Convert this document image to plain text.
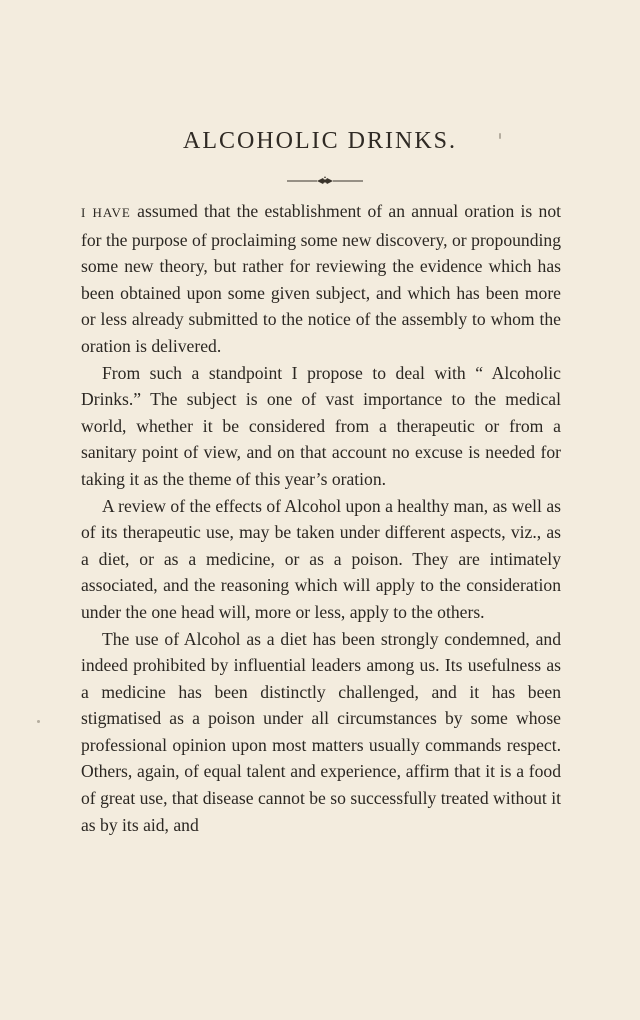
ALCOHOLIC DRINKS.

I HAVE assumed that the establishment of an annual oration is not for the purpose of proclaiming some new discovery, or propounding some new theory, but rather for reviewing the evidence which has been obtained upon some given subject, and which has been more or less already submitted to the notice of the assembly to whom the oration is delivered.

From such a standpoint I propose to deal with “ Alcoholic Drinks.” The subject is one of vast importance to the medical world, whether it be considered from a therapeutic or from a sanitary point of view, and on that account no excuse is needed for taking it as the theme of this year’s oration.

A review of the effects of Alcohol upon a healthy man, as well as of its therapeutic use, may be taken under different aspects, viz., as a diet, or as a medicine, or as a poison. They are intimately associated, and the reasoning which will apply to the consideration under the one head will, more or less, apply to the others.

The use of Alcohol as a diet has been strongly condemned, and indeed prohibited by influential leaders among us. Its usefulness as a medicine has been distinctly challenged, and it has been stigmatised as a poison under all circumstances by some whose professional opinion upon most matters usually commands respect. Others, again, of equal talent and experience, affirm that it is a food of great use, that disease cannot be so successfully treated without it as by its aid, and
